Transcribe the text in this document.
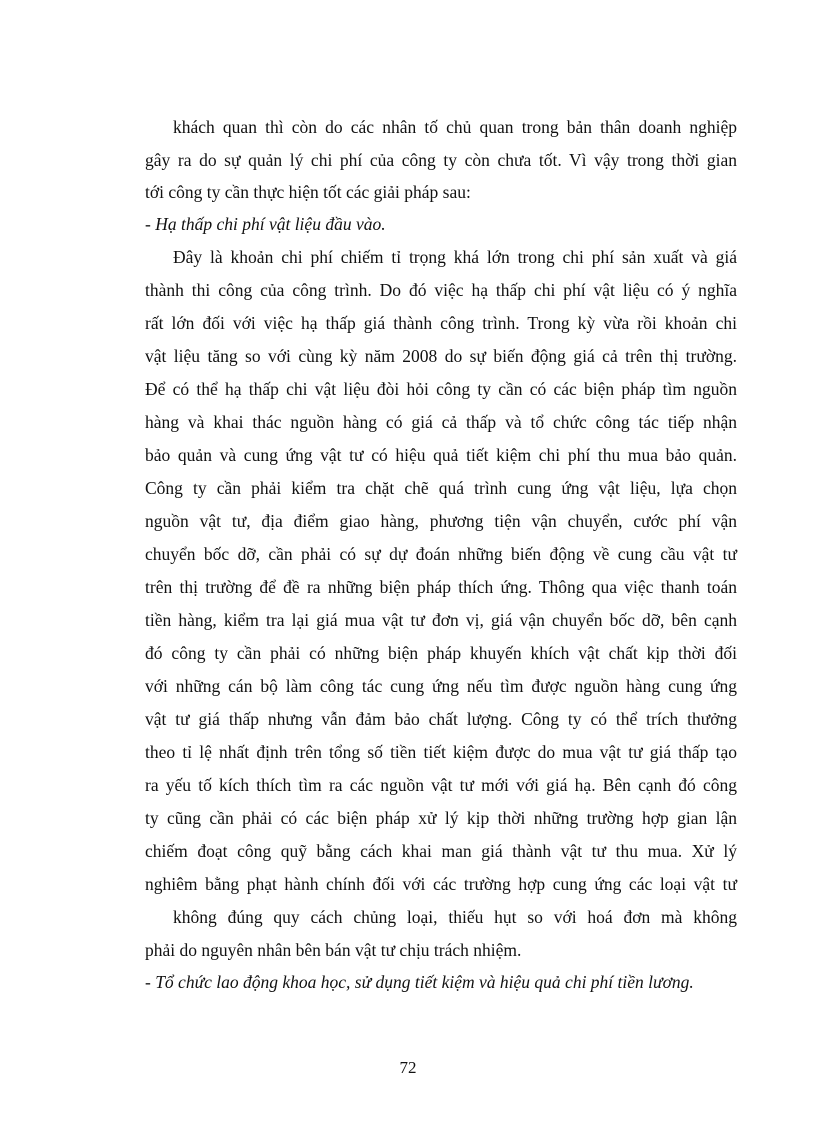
khách quan thì còn do các nhân tố chủ quan trong bản thân doanh nghiệp
gây ra do sự quản lý chi phí của công ty còn chưa tốt. Vì vậy trong thời gian
tới công ty cần thực hiện tốt các giải pháp sau:
- Hạ thấp chi phí vật liệu đầu vào.
Đây là khoản chi phí chiếm tỉ trọng khá lớn trong chi phí sản xuất và giá
thành thi công của công trình. Do đó việc hạ thấp chi phí vật liệu có ý nghĩa
rất lớn đối với việc hạ thấp giá thành công trình. Trong kỳ vừa rồi khoản chi
vật liệu tăng so với cùng kỳ năm 2008 do sự biến động giá cả trên thị trường.
Để có thể hạ thấp chi vật liệu đòi hỏi công ty cần có các biện pháp tìm nguồn
hàng và khai thác nguồn hàng có giá cả thấp và tổ chức công tác tiếp nhận
bảo quản và cung ứng vật tư có hiệu quả tiết kiệm chi phí thu mua bảo quản.
Công ty cần phải kiểm tra chặt chẽ quá trình cung ứng vật liệu, lựa chọn
nguồn vật tư, địa điểm giao hàng, phương tiện vận chuyển, cước phí vận
chuyển bốc dỡ, cần phải có sự dự đoán những biến động về cung cầu vật tư
trên thị trường để đề ra những biện pháp thích ứng. Thông qua việc thanh toán
tiền hàng, kiểm tra lại giá mua vật tư đơn vị, giá vận chuyển bốc dỡ, bên cạnh
đó công ty cần phải có những biện pháp khuyến khích vật chất kịp thời đối
với những cán bộ làm công tác cung ứng nếu tìm được nguồn hàng cung ứng
vật tư giá thấp nhưng vẫn đảm bảo chất lượng. Công ty có thể trích thưởng
theo tỉ lệ nhất định trên tổng số tiền tiết kiệm được do mua vật tư giá thấp tạo
ra yếu tố kích thích tìm ra các nguồn vật tư mới với giá hạ. Bên cạnh đó công
ty cũng cần phải có các biện pháp xử lý kịp thời những trường hợp gian lận
chiếm đoạt công quỹ bằng cách khai man giá thành vật tư thu mua. Xử lý
nghiêm bằng phạt hành chính đối với các trường hợp cung ứng các loại vật tư
không đúng quy cách chủng loại, thiếu hụt so với hoá đơn mà không
phải do nguyên nhân bên bán vật tư chịu trách nhiệm.
- Tổ chức lao động khoa học, sử dụng tiết kiệm và hiệu quả chi phí tiền lương.
72
